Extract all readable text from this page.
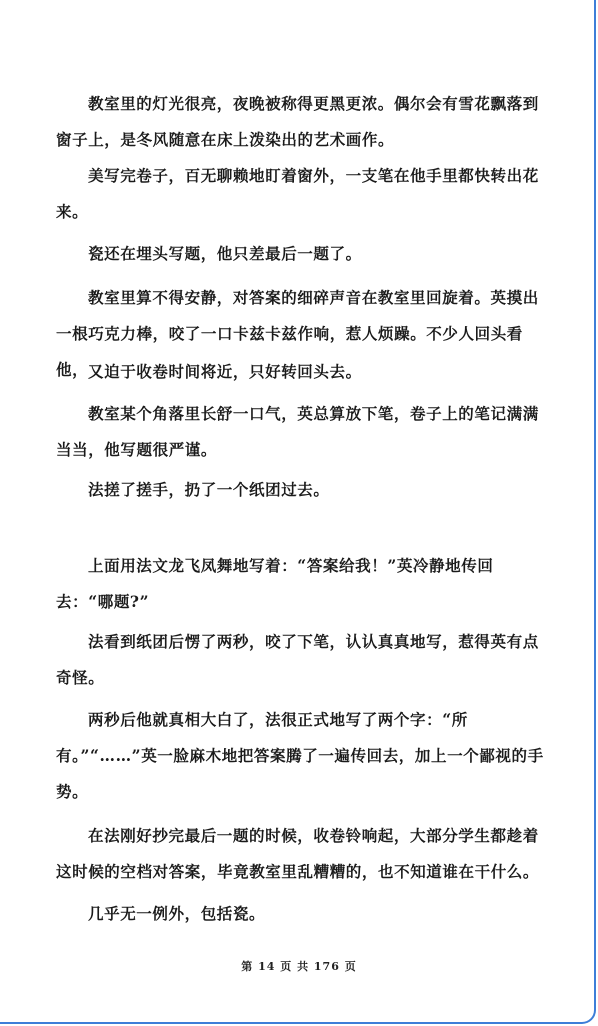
教室里的灯光很亮，夜晚被称得更黑更浓。偶尔会有雪花飘落到窗子上，是冬风随意在床上泼染出的艺术画作。

美写完卷子，百无聊赖地盯着窗外，一支笔在他手里都快转出花来。

瓷还在埋头写题，他只差最后一题了。

教室里算不得安静，对答案的细碎声音在教室里回旋着。英摸出一根巧克力棒，咬了一口卡兹卡兹作响，惹人烦躁。不少人回头看他， 又迫于收卷时间将近，只好转回头去。

教室某个角落里长舒一口气，英总算放下笔，卷子上的笔记满满当当，他写题很严谨。

法搓了搓手，扔了一个纸团过去。

上面用法文龙飞凤舞地写着：“答案给我！”英冷静地传回去：“哪题?”

法看到纸团后愣了两秒，咬了下笔，认认真真地写，惹得英有点奇怪。

两秒后他就真相大白了，法很正式地写了两个字：“所有。”“……”英一脸麻木地把答案腾了一遍传回去，加上一个鄙视的手势。

在法刚好抄完最后一题的时候，收卷铃响起，大部分学生都趁着这时候的空档对答案，毕竟教室里乱糟糟的，也不知道谁在干什么。

几乎无一例外，包括瓷。

第 14 页 共 176 页
